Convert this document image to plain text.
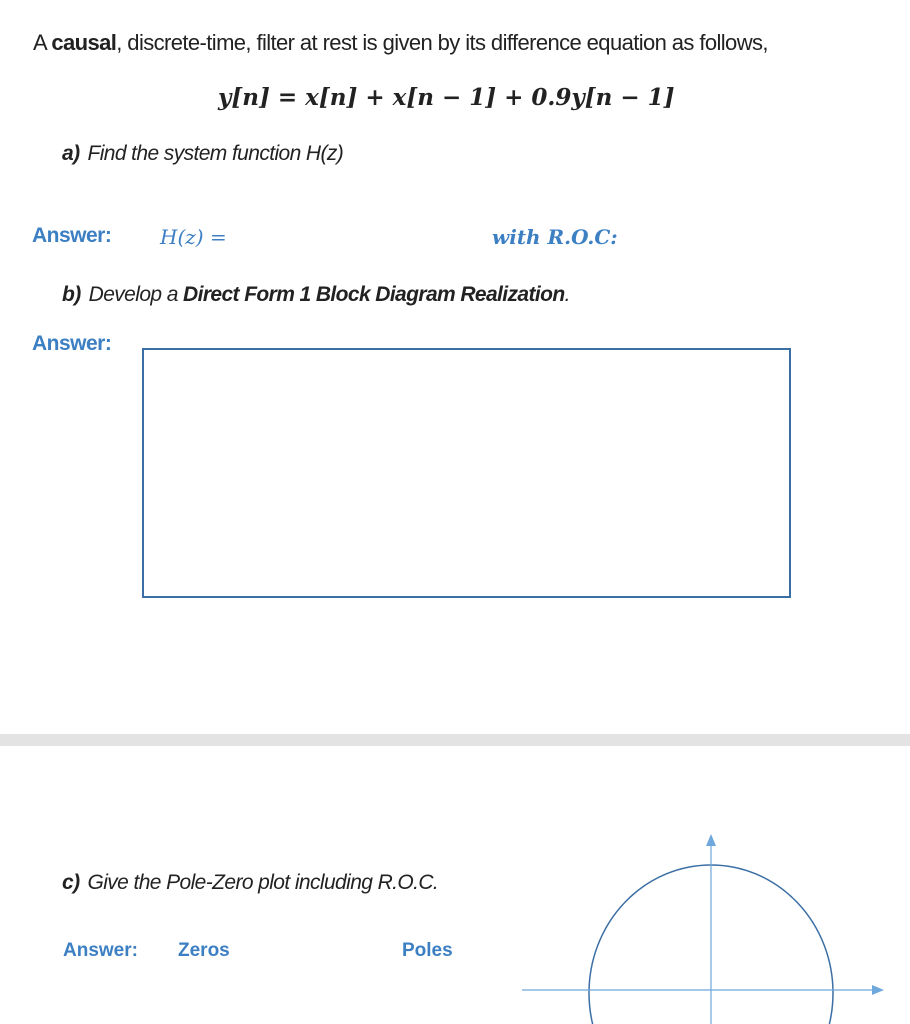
A causal, discrete-time, filter at rest is given by its difference equation as follows,
y[n] = x[n] + x[n − 1] + 0.9y[n − 1]
a) Find the system function H(z)
Answer: H(z) =	with R.O.C:
b) Develop a Direct Form 1 Block Diagram Realization.
Answer:
c) Give the Pole-Zero plot including R.O.C.
Answer: Zeros	Poles
